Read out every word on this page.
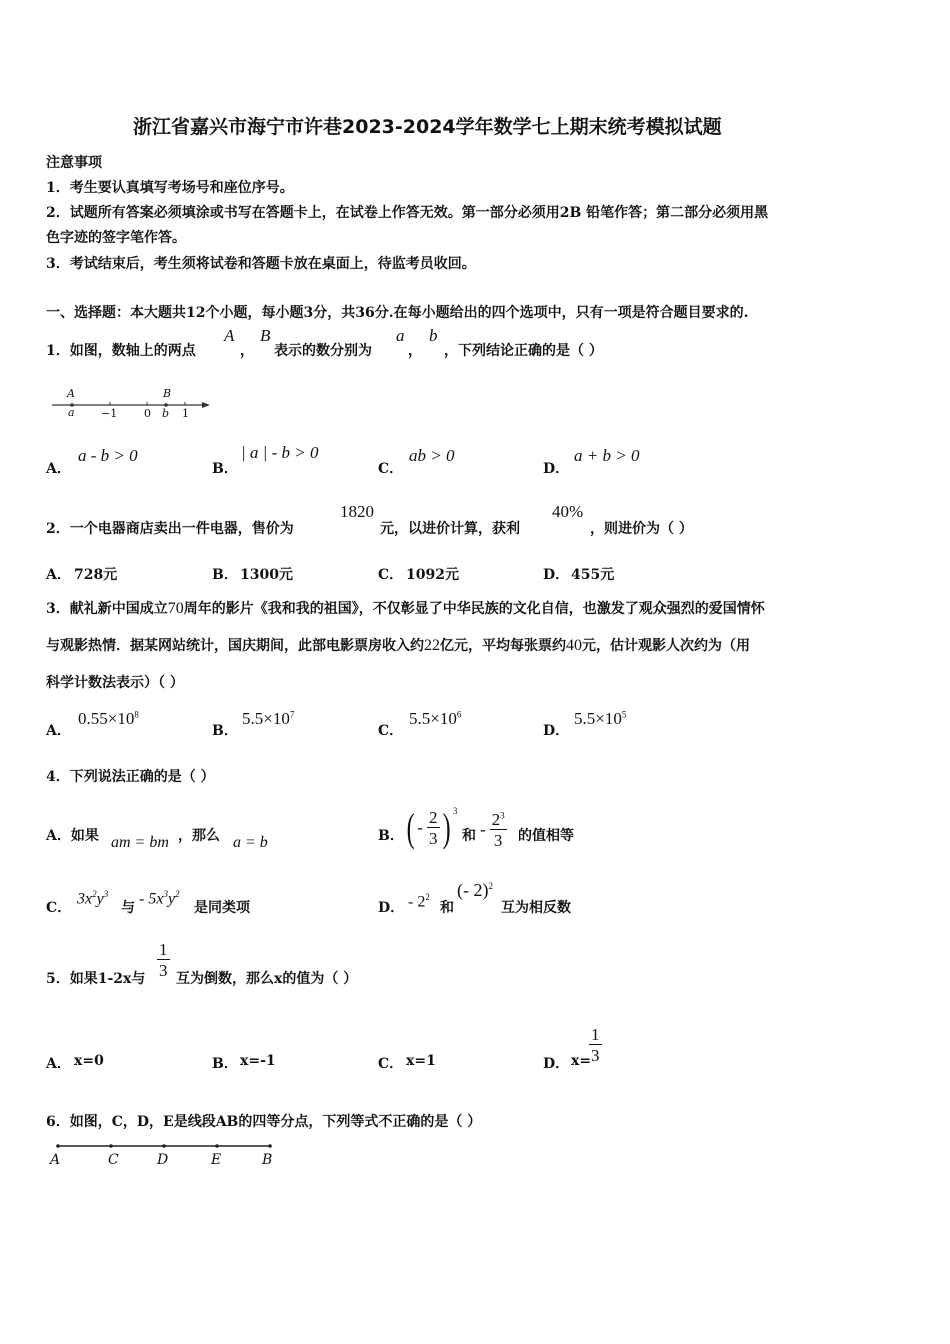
浙江省嘉兴市海宁市许巷2023-2024学年数学七上期末统考模拟试题
注意事项
1．考生要认真填写考场号和座位序号。
2．试题所有答案必须填涂或书写在答题卡上，在试卷上作答无效。第一部分必须用2B 铅笔作答；第二部分必须用黑
色字迹的签字笔作答。
3．考试结束后，考生须将试卷和答题卡放在桌面上，待监考员收回。
一、选择题：本大题共12个小题，每小题3分，共36分.在每小题给出的四个选项中，只有一项是符合题目要求的.
1．如图，数轴上的两点
A
，
B
表示的数分别为
a
，
b
，下列结论正确的是（ ）
A	B
a −1 0 b 1
A．
a - b > 0
B．
| a | - b > 0
C．
ab > 0
D．
a + b > 0
2．一个电器商店卖出一件电器，售价为
1820
元，以进价计算，获利
40%
，则进价为（ ）
A． 728元	B． 1300元	C． 1092元	D． 455元
3．献礼新中国成立70周年的影片《我和我的祖国》，不仅彰显了中华民族的文化自信，也激发了观众强烈的爱国情怀
与观影热情．据某网站统计，国庆期间，此部电影票房收入约22亿元，平均每张票约40元，估计观影人次约为（用
科学计数法表示）（ ）
A．
$0.55\times 10^8$
B．
$5.5\times 10^7$
C．
$5.5\times 10^6$
D．
$5.5\times 10^5$
4．下列说法正确的是（ ）
A．如果 am = bm ，那么 a = b	B． ( - $\frac{2}{3}$ ) $^3$
和 - $\frac{2^3}{3}$ 的值相等
C．
$3x^2y^3$
与
- $5x^3y^2$
是同类项	D． - $2^2$
和
(- 2)$^2$
互为相反数
5．如果1-2x与 $\frac{1}{3}$ 互为倒数，那么x的值为（ ）
A． x=0	B． x=-1	C． x=1	D． x=
$\frac{1}{3}$
6．如图，C，D，E是线段AB的四等分点，下列等式不正确的是（ ）
A	C	D	E	B
